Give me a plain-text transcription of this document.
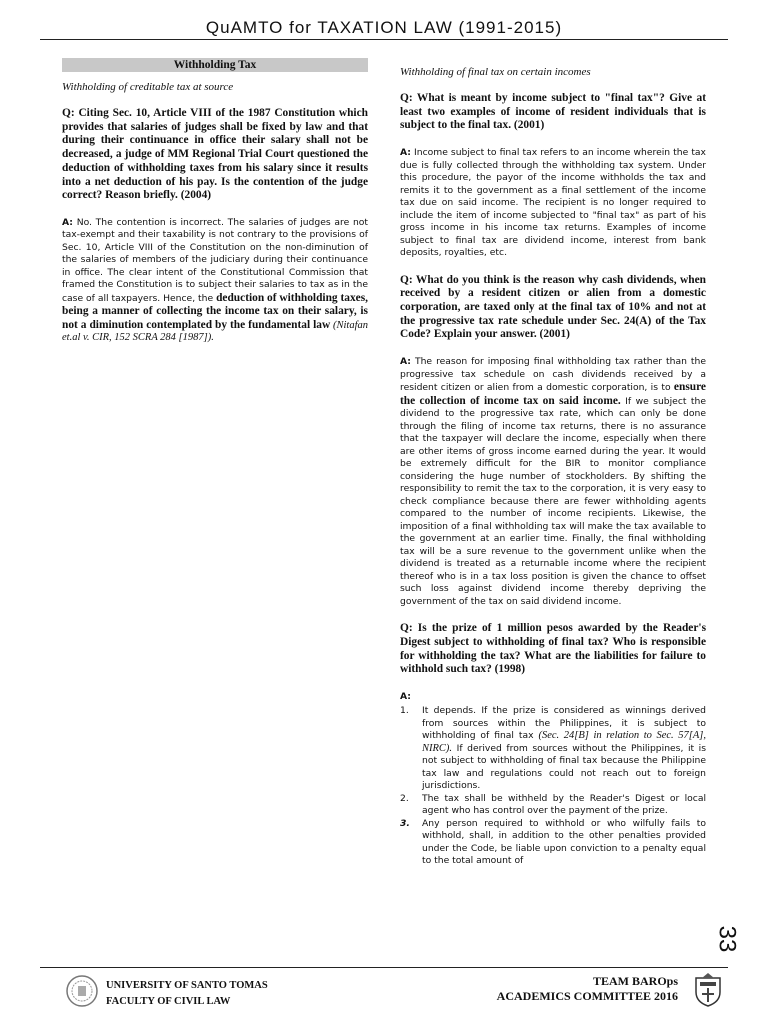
QuAMTO for TAXATION LAW (1991-2015)
Withholding Tax
Withholding of creditable tax at source
Q: Citing Sec. 10, Article VIII of the 1987 Constitution which provides that salaries of judges shall be fixed by law and that during their continuance in office their salary shall not be decreased, a judge of MM Regional Trial Court questioned the deduction of withholding taxes from his salary since it results into a net deduction of his pay. Is the contention of the judge correct? Reason briefly. (2004)
A: No. The contention is incorrect. The salaries of judges are not tax-exempt and their taxability is not contrary to the provisions of Sec. 10, Article VIII of the Constitution on the non-diminution of the salaries of members of the judiciary during their continuance in office. The clear intent of the Constitutional Commission that framed the Constitution is to subject their salaries to tax as in the case of all taxpayers. Hence, the deduction of withholding taxes, being a manner of collecting the income tax on their salary, is not a diminution contemplated by the fundamental law (Nitafan et.al v. CIR, 152 SCRA 284 [1987]).
Withholding of final tax on certain incomes
Q: What is meant by income subject to "final tax"? Give at least two examples of income of resident individuals that is subject to the final tax. (2001)
A: Income subject to final tax refers to an income wherein the tax due is fully collected through the withholding tax system. Under this procedure, the payor of the income withholds the tax and remits it to the government as a final settlement of the income tax due on said income. The recipient is no longer required to include the item of income subjected to "final tax" as part of his gross income in his income tax returns. Examples of income subject to final tax are dividend income, interest from bank deposits, royalties, etc.
Q: What do you think is the reason why cash dividends, when received by a resident citizen or alien from a domestic corporation, are taxed only at the final tax of 10% and not at the progressive tax rate schedule under Sec. 24(A) of the Tax Code? Explain your answer. (2001)
A: The reason for imposing final withholding tax rather than the progressive tax schedule on cash dividends received by a resident citizen or alien from a domestic corporation, is to ensure the collection of income tax on said income. If we subject the dividend to the progressive tax rate, which can only be done through the filing of income tax returns, there is no assurance that the taxpayer will declare the income, especially when there are other items of gross income earned during the year. It would be extremely difficult for the BIR to monitor compliance considering the huge number of stockholders. By shifting the responsibility to remit the tax to the corporation, it is very easy to check compliance because there are fewer withholding agents compared to the number of income recipients. Likewise, the imposition of a final withholding tax will make the tax available to the government at an earlier time. Finally, the final withholding tax will be a sure revenue to the government unlike when the dividend is treated as a returnable income where the recipient thereof who is in a tax loss position is given the chance to offset such loss against dividend income thereby depriving the government of the tax on said dividend income.
Q: Is the prize of 1 million pesos awarded by the Reader's Digest subject to withholding of final tax? Who is responsible for withholding the tax? What are the liabilities for failure to withhold such tax? (1998)
A:
1. It depends. If the prize is considered as winnings derived from sources within the Philippines, it is subject to withholding of final tax (Sec. 24[B] in relation to Sec. 57[A], NIRC). If derived from sources without the Philippines, it is not subject to withholding of final tax because the Philippine tax law and regulations could not reach out to foreign jurisdictions.
2. The tax shall be withheld by the Reader's Digest or local agent who has control over the payment of the prize.
3. Any person required to withhold or who wilfully fails to withhold, shall, in addition to the other penalties provided under the Code, be liable upon conviction to a penalty equal to the total amount of
33
UNIVERSITY OF SANTO TOMAS
FACULTY OF CIVIL LAW
TEAM BAROps
ACADEMICS COMMITTEE 2016
